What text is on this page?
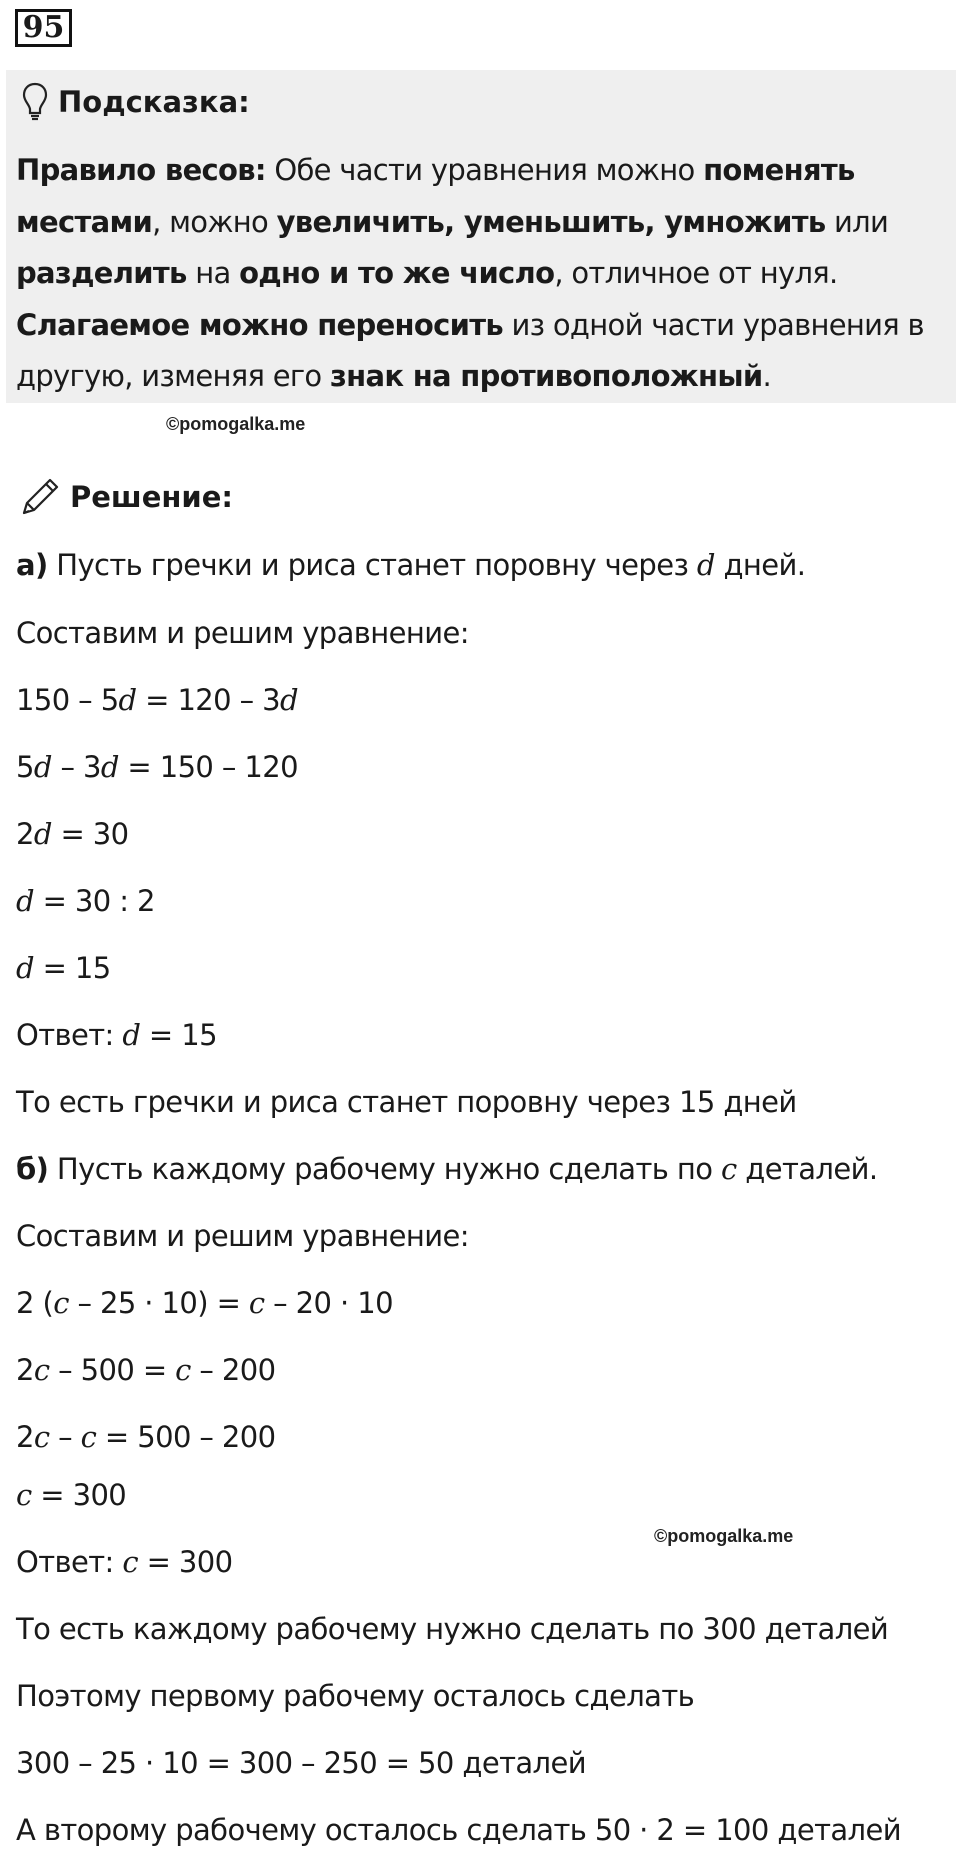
95
Подсказка:
Правило весов: Обе части уравнения можно поменять местами, можно увеличить, уменьшить, умножить или разделить на одно и то же число, отличное от нуля. Слагаемое можно переносить из одной части уравнения в другую, изменяя его знак на противоположный.
©pomogalka.me
Решение:
а) Пусть гречки и риса станет поровну через d дней.
Составим и решим уравнение:
150 – 5d = 120 – 3d
5d – 3d = 150 – 120
2d = 30
d = 30 : 2
d = 15
Ответ: d = 15
То есть гречки и риса станет поровну через 15 дней
б) Пусть каждому рабочему нужно сделать по c деталей.
Составим и решим уравнение:
2 (c – 25 · 10) = c – 20 · 10
2c – 500 = c – 200
2c – c = 500 – 200
c = 300
©pomogalka.me
Ответ: c = 300
То есть каждому рабочему нужно сделать по 300 деталей
Поэтому первому рабочему осталось сделать
300 – 25 · 10 = 300 – 250 = 50 деталей
А второму рабочему осталось сделать 50 · 2 = 100 деталей
